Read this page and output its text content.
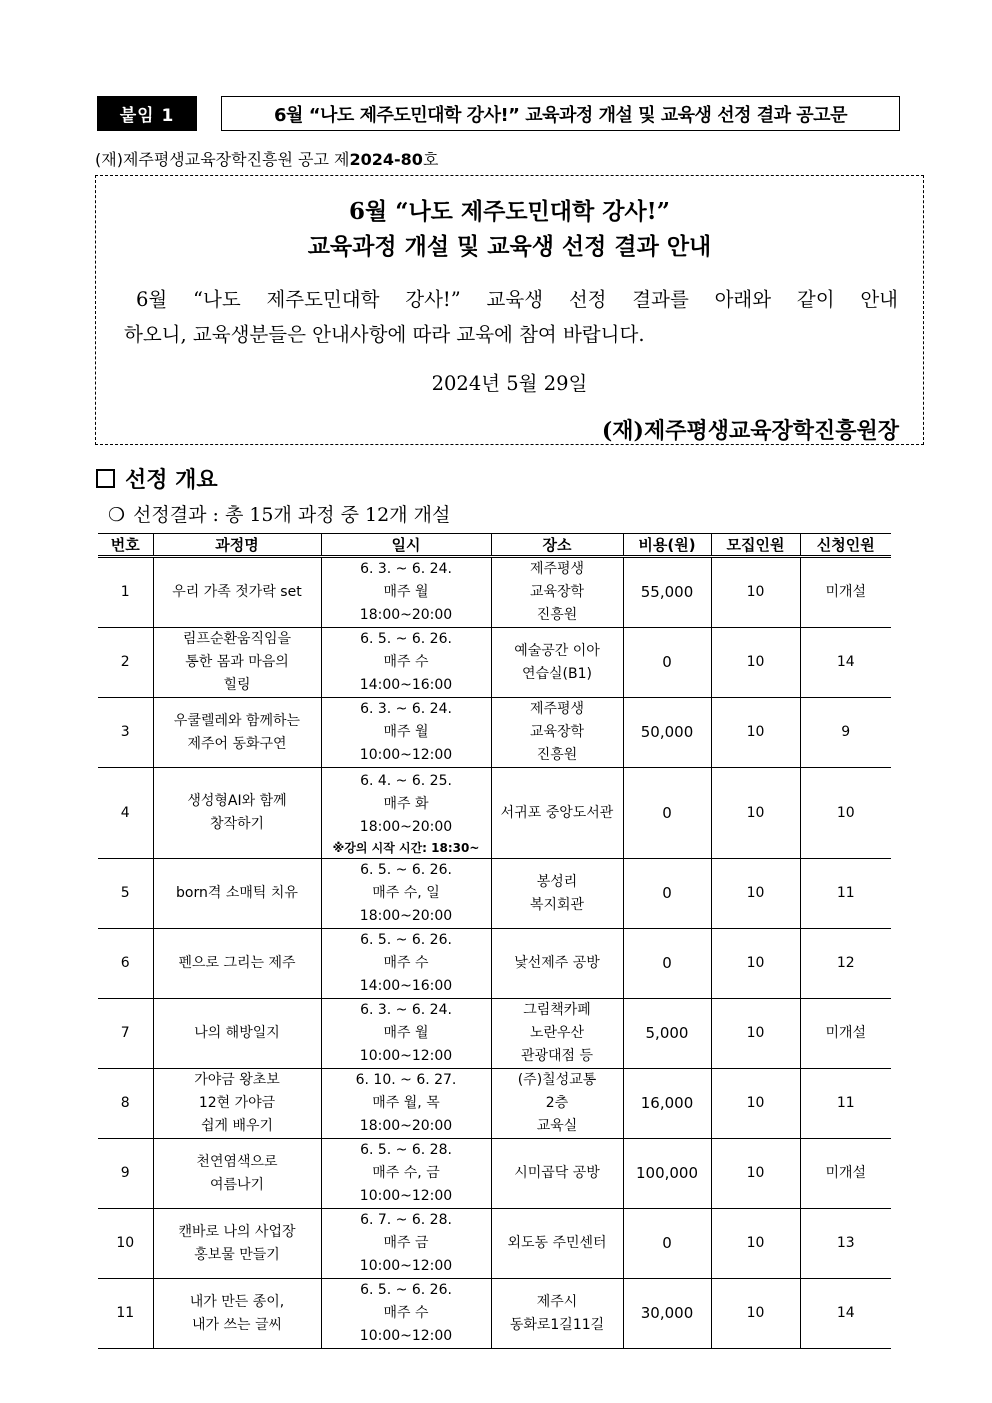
붙임 1	6월 “나도 제주도민대학 강사!” 교육과정 개설 및 교육생 선정 결과 공고문
(재)제주평생교육장학진흥원 공고 제2024-80호
6월 “나도 제주도민대학 강사!”
교육과정 개설 및 교육생 선정 결과 안내
6월 “나도 제주도민대학 강사!” 교육생 선정 결과를 아래와 같이 안내
하오니, 교육생분들은 안내사항에 따라 교육에 참여 바랍니다.
2024년 5월 29일
(재)제주평생교육장학진흥원장
선정 개요
❍ 선정결과 : 총 15개 과정 중 12개 개설
번호	과정명	일시	장소	비용(원)	모집인원	신청인원
1	우리 가족 젓가락 set	6. 3. ~ 6. 24.
매주 월
18:00~20:00	제주평생
교육장학
진흥원	55,000	10	미개설
2	림프순환움직임을
통한 몸과 마음의
힐링	6. 5. ~ 6. 26.
매주 수
14:00~16:00	예술공간 이아
연습실(B1)	0	10	14
3	우쿨렐레와 함께하는
제주어 동화구연	6. 3. ~ 6. 24.
매주 월
10:00~12:00	제주평생
교육장학
진흥원	50,000	10	9
4	생성형AI와 함께
창작하기	6. 4. ~ 6. 25.
매주 화
18:00~20:00
※강의 시작 시간: 18:30~	서귀포 중앙도서관	0	10	10
5	born격 소매틱 치유	6. 5. ~ 6. 26.
매주 수, 일
18:00~20:00	봉성리
복지회관	0	10	11
6	펜으로 그리는 제주	6. 5. ~ 6. 26.
매주 수
14:00~16:00	낯선제주 공방	0	10	12
7	나의 해방일지	6. 3. ~ 6. 24.
매주 월
10:00~12:00	그림책카페
노란우산
관광대점 등	5,000	10	미개설
8	가야금 왕초보
12현 가야금
쉽게 배우기	6. 10. ~ 6. 27.
매주 월, 목
18:00~20:00	(주)칠성교통
2층
교육실	16,000	10	11
9	천연염색으로
여름나기	6. 5. ~ 6. 28.
매주 수, 금
10:00~12:00	시미곱닥 공방	100,000	10	미개설
10	캔바로 나의 사업장
홍보물 만들기	6. 7. ~ 6. 28.
매주 금
10:00~12:00	외도동 주민센터	0	10	13
11	내가 만든 종이,
내가 쓰는 글씨	6. 5. ~ 6. 26.
매주 수
10:00~12:00	제주시
동화로1길11길	30,000	10	14
